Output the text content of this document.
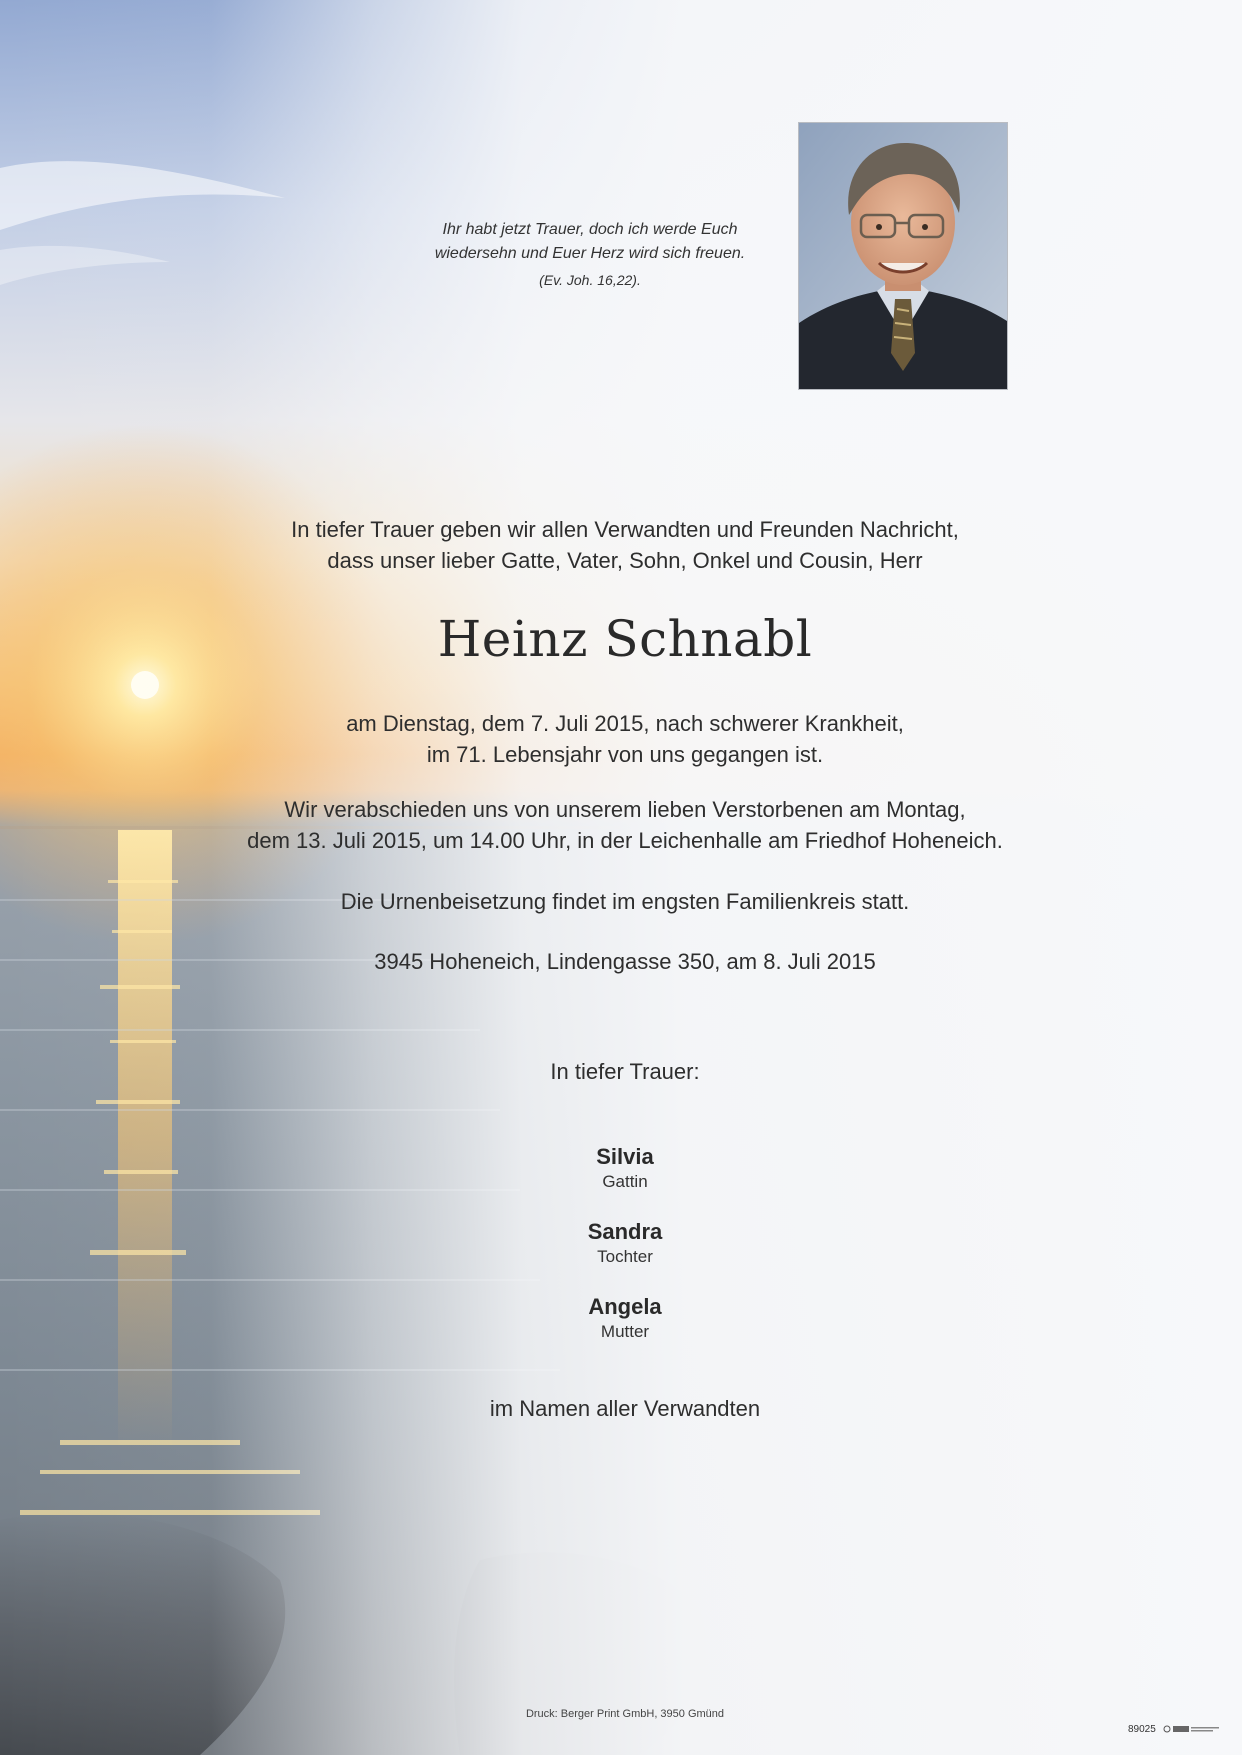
Ihr habt jetzt Trauer, doch ich werde Euch
wiedersehn und Euer Herz wird sich freuen.
(Ev. Joh. 16,22).
In tiefer Trauer geben wir allen Verwandten und Freunden Nachricht,
dass unser lieber Gatte, Vater, Sohn, Onkel und Cousin, Herr
Heinz Schnabl
am Dienstag, dem 7. Juli 2015, nach schwerer Krankheit,
im 71. Lebensjahr von uns gegangen ist.
Wir verabschieden uns von unserem lieben Verstorbenen am Montag,
dem 13. Juli 2015, um 14.00 Uhr, in der Leichenhalle am Friedhof Hoheneich.
Die Urnenbeisetzung findet im engsten Familienkreis statt.
3945 Hoheneich, Lindengasse 350, am 8. Juli 2015
In tiefer Trauer:
Silvia
Gattin
Sandra
Tochter
Angela
Mutter
im Namen aller Verwandten
Druck: Berger Print GmbH, 3950 Gmünd
89025
